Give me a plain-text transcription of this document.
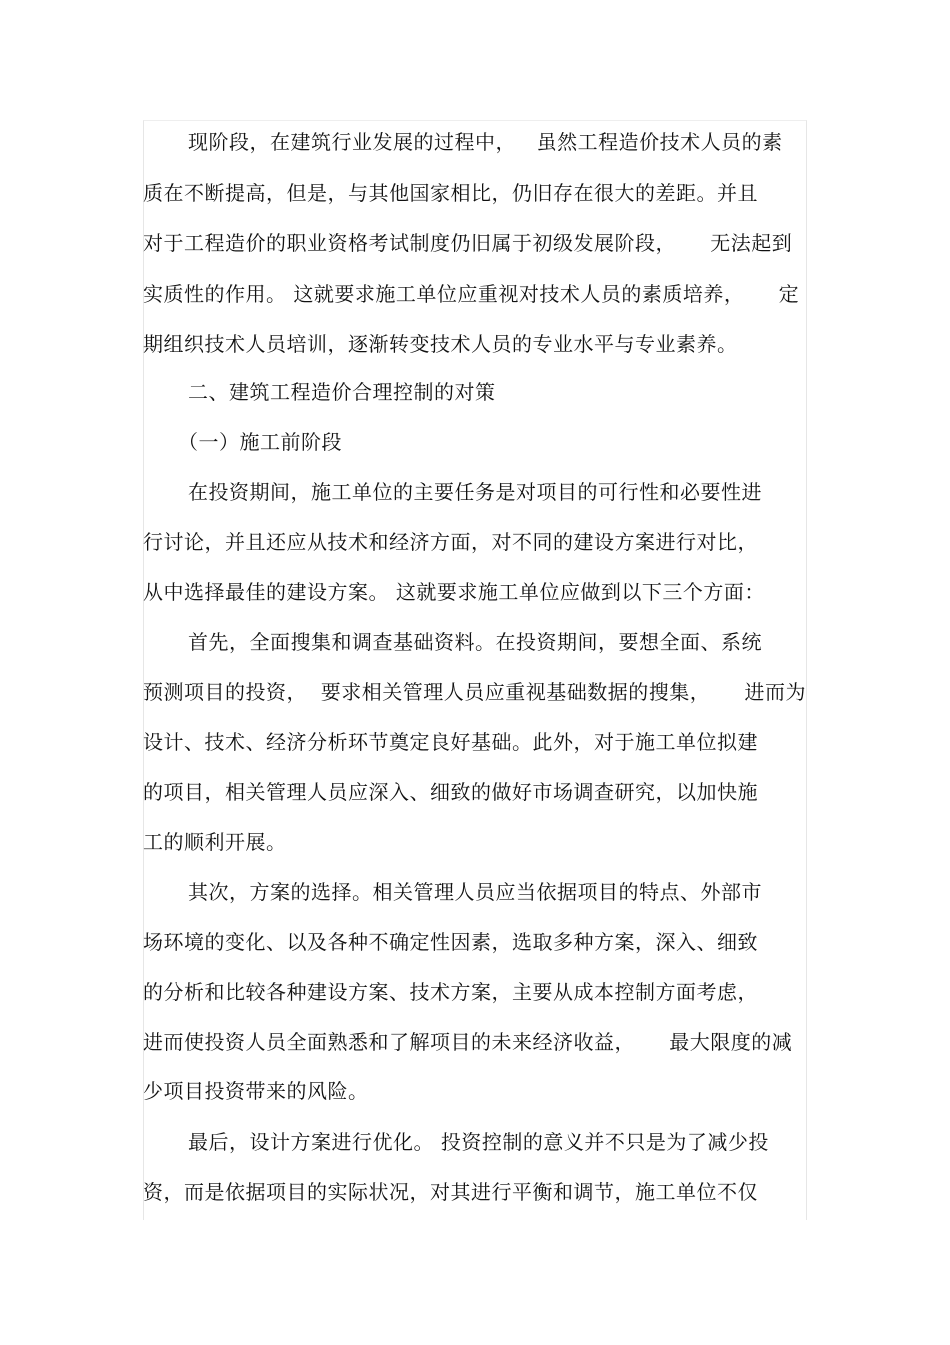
现阶段，在建筑行业发展的过程中，   虽然工程造价技术人员的素
质在不断提高，但是，与其他国家相比，仍旧存在很大的差距。并且
对于工程造价的职业资格考试制度仍旧属于初级发展阶段，     无法起到
实质性的作用。 这就要求施工单位应重视对技术人员的素质培养，     定
期组织技术人员培训，逐渐转变技术人员的专业水平与专业素养。
二、建筑工程造价合理控制的对策
（一）施工前阶段
在投资期间，施工单位的主要任务是对项目的可行性和必要性进
行讨论，并且还应从技术和经济方面，对不同的建设方案进行对比，
从中选择最佳的建设方案。 这就要求施工单位应做到以下三个方面：
首先，全面搜集和调查基础资料。在投资期间，要想全面、系统
预测项目的投资，  要求相关管理人员应重视基础数据的搜集，     进而为
设计、技术、经济分析环节奠定良好基础。此外，对于施工单位拟建
的项目，相关管理人员应深入、细致的做好市场调查研究，以加快施
工的顺利开展。
其次，方案的选择。相关管理人员应当依据项目的特点、外部市
场环境的变化、以及各种不确定性因素，选取多种方案，深入、细致
的分析和比较各种建设方案、技术方案，主要从成本控制方面考虑，
进而使投资人员全面熟悉和了解项目的未来经济收益，     最大限度的减
少项目投资带来的风险。
最后，设计方案进行优化。 投资控制的意义并不只是为了减少投
资，而是依据项目的实际状况，对其进行平衡和调节，施工单位不仅
